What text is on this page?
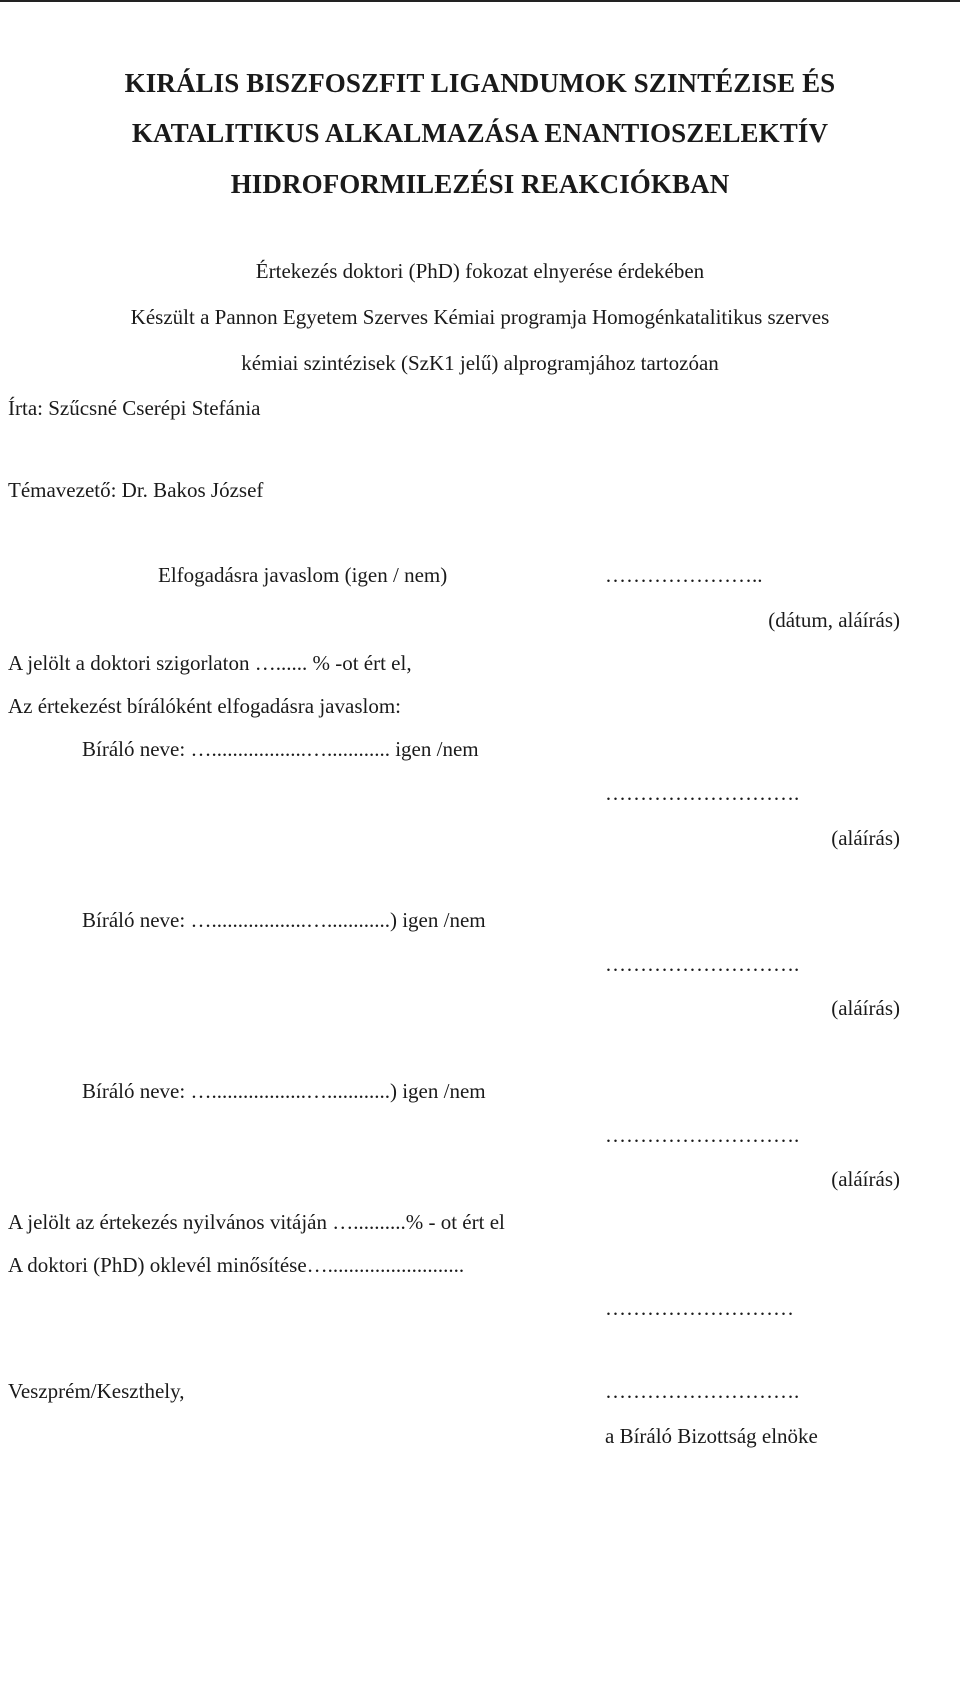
KIRÁLIS BISZFOSZFIT LIGANDUMOK SZINTÉZISE ÉS
KATALITIKUS ALKALMAZÁSA ENANTIOSZELEKTÍV
HIDROFORMILEZÉSI REAKCIÓKBAN
Értekezés doktori (PhD) fokozat elnyerése érdekében
Készült a Pannon Egyetem Szerves Kémiai programja Homogénkatalitikus szerves
kémiai szintézisek (SzK1 jelű) alprogramjához tartozóan
Írta: Szűcsné Cserépi Stefánia
Témavezető: Dr. Bakos József
Elfogadásra javaslom (igen / nem)	…………………..
(dátum, aláírás)
A jelölt a doktori szigorlaton …...... % -ot ért el,
Az értekezést bírálóként elfogadásra javaslom:
Bíráló neve: …..................…............ igen /nem
……………………….
(aláírás)
Bíráló neve: …..................…............) igen /nem
……………………….
(aláírás)
Bíráló neve: …..................…............) igen /nem
……………………….
(aláírás)
A jelölt az értekezés nyilvános vitáján …..........% - ot ért el
A doktori (PhD) oklevél minősítése…..........................
………………………
Veszprém/Keszthely,	……………………….
a Bíráló Bizottság elnöke
